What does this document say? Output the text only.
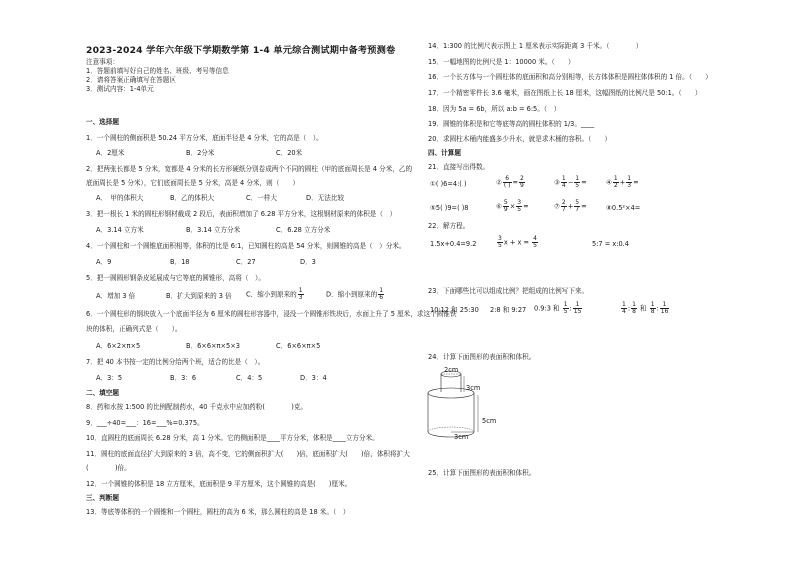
2023-2024 学年六年级下学期数学第 1-4 单元综合测试期中备考预测卷
注意事项：
1．答题前填写好自己的姓名、班级、考号等信息
2．请将答案正确填写在答题区
3．测试内容：1-4单元
一、选择题
1．一个圆柱的侧面积是 50.24 平方分米，底面半径是 4 分米，它的高是（　）。
A．2厘米	B．2分米	C．20米
2．把两张长都是 5 分米，宽都是 4 分米的长方形硬纸分别卷成两个不同的圆柱（甲的底面周长是 4 分米，乙的
底面周长是 5 分米），它们底面周长是 5 分米，高是 4 分米，则（　　）
A．　甲的体积大	B．乙的体积大	C．一样大	D．无法比较
3．把一根长 1 米的圆柱形钢材截成 2 段后，表面积增加了 6.28 平方分米，这根钢材原来的体积是（　）
A．3.14 立方米	B．3.14 立方分米	C．6.28 立方分米
4．一个圆柱和一个圆锥底面积相等，体积的比是 6:1，已知圆柱的高是 54 分米，则圆锥的高是（　）分米。
A．9	B．18	C．27	D．3
5．把一圆圆形钢条皮延展成与它等底的圆锥形，高将（　）。
A．增加 3 倍	B．扩大到原来的 3 倍 C．缩小到原来的 $\frac{1}{3}$	D．缩小到原来的 $\frac{1}{6}$
6．一个圆柱形的钢块放入一个底面半径为 6 厘米的圆柱形容器中，浸没一个圆锥形铁块后，水面上升了 5 厘米，求这个圆锥铁
块的体积，正确列式是（　　）。
A．6×2×π×5	B．6×6×π×5×3	C．6×6×π×5
7．把 40 本书按一定的比例分给两个班，适合的比是（　）。
A．3：5	B．3：6	C．4：5	D．3：4
二、填空题
8．药和水按 1:500 的比例配制药水，40 千克水中应加药粉(　　　　)克。
9．___÷40=___：16=___%=0.375。
10．直圆柱的底面周长 6.28 分米，高 1 分米。它的侧面积是____平方分米，体积是____立方分米。
11．圆柱的底面直径扩大到原来的 3 倍，高不变，它的侧面积扩大(　　)倍，底面积扩大(　　)倍，体积将扩大
(　　　　)倍。
12．一个圆锥的体积是 18 立方厘米，底面积是 9 平方厘米，这个圆锥的高是(　　)厘米。
三、判断题
13．等底等体积的一个圆锥和一个圆柱，圆柱的高为 6 米，那么圆柱的高是 18 米。（　）
14．1:300 的比例尺表示图上 1 厘米表示实际距离 3 千米。（　　　　）
15．一幅地图的比例尺是 1：10000 米。（　　）
16．一个长方体与一个圆柱体的底面积和高分别相等，长方体体积是圆柱体体积的 1 倍。（　　）
17．一个精密零件长 3.6 毫米，画在图纸上长 18 厘米，这幅图纸的比例尺是 50:1。（　　）
18．因为 5a = 6b，所以 a:b = 6:5。（　）
19．圆锥的体积是和它等底等高的圆柱体积的 1/3。____
20．求圆柱木桶内能盛多少升水，就是求木桶的容积。（　　）
四、计算题
21．直接写出得数。
①( )6=4:( )	② $\frac{6}{( )} = \frac{2}{9}$	③ $\frac{1}{4} - \frac{1}{5}$ =	④ $\frac{1}{2} + \frac{1}{3}$ =
⑤5( )9=( )8	⑥ $\frac{5}{9} \times \frac{3}{5}$ =	⑦ $\frac{2}{7} + \frac{5}{7}$ =	⑧0.5²×4=
22．解方程。
1.5x+0.4=9.2	$\frac{3}{5}$ $x + x = \frac{4}{5}$	5:7 = x:0.4
23．下面哪些比可以组成比例？把组成的比例写下来。
10:12 和 25:30 2:8 和 9:27 0.9:3 和 $\frac{1}{5}$ : $\frac{1}{15}$	$\frac{1}{4}$ : $\frac{1}{8}$ 和 $\frac{1}{8}$ : $\frac{1}{16}$
24．计算下面图形的表面积和体积。
2cm
3cm
5cm
3cm
25．计算下面图形的表面积和体积。
